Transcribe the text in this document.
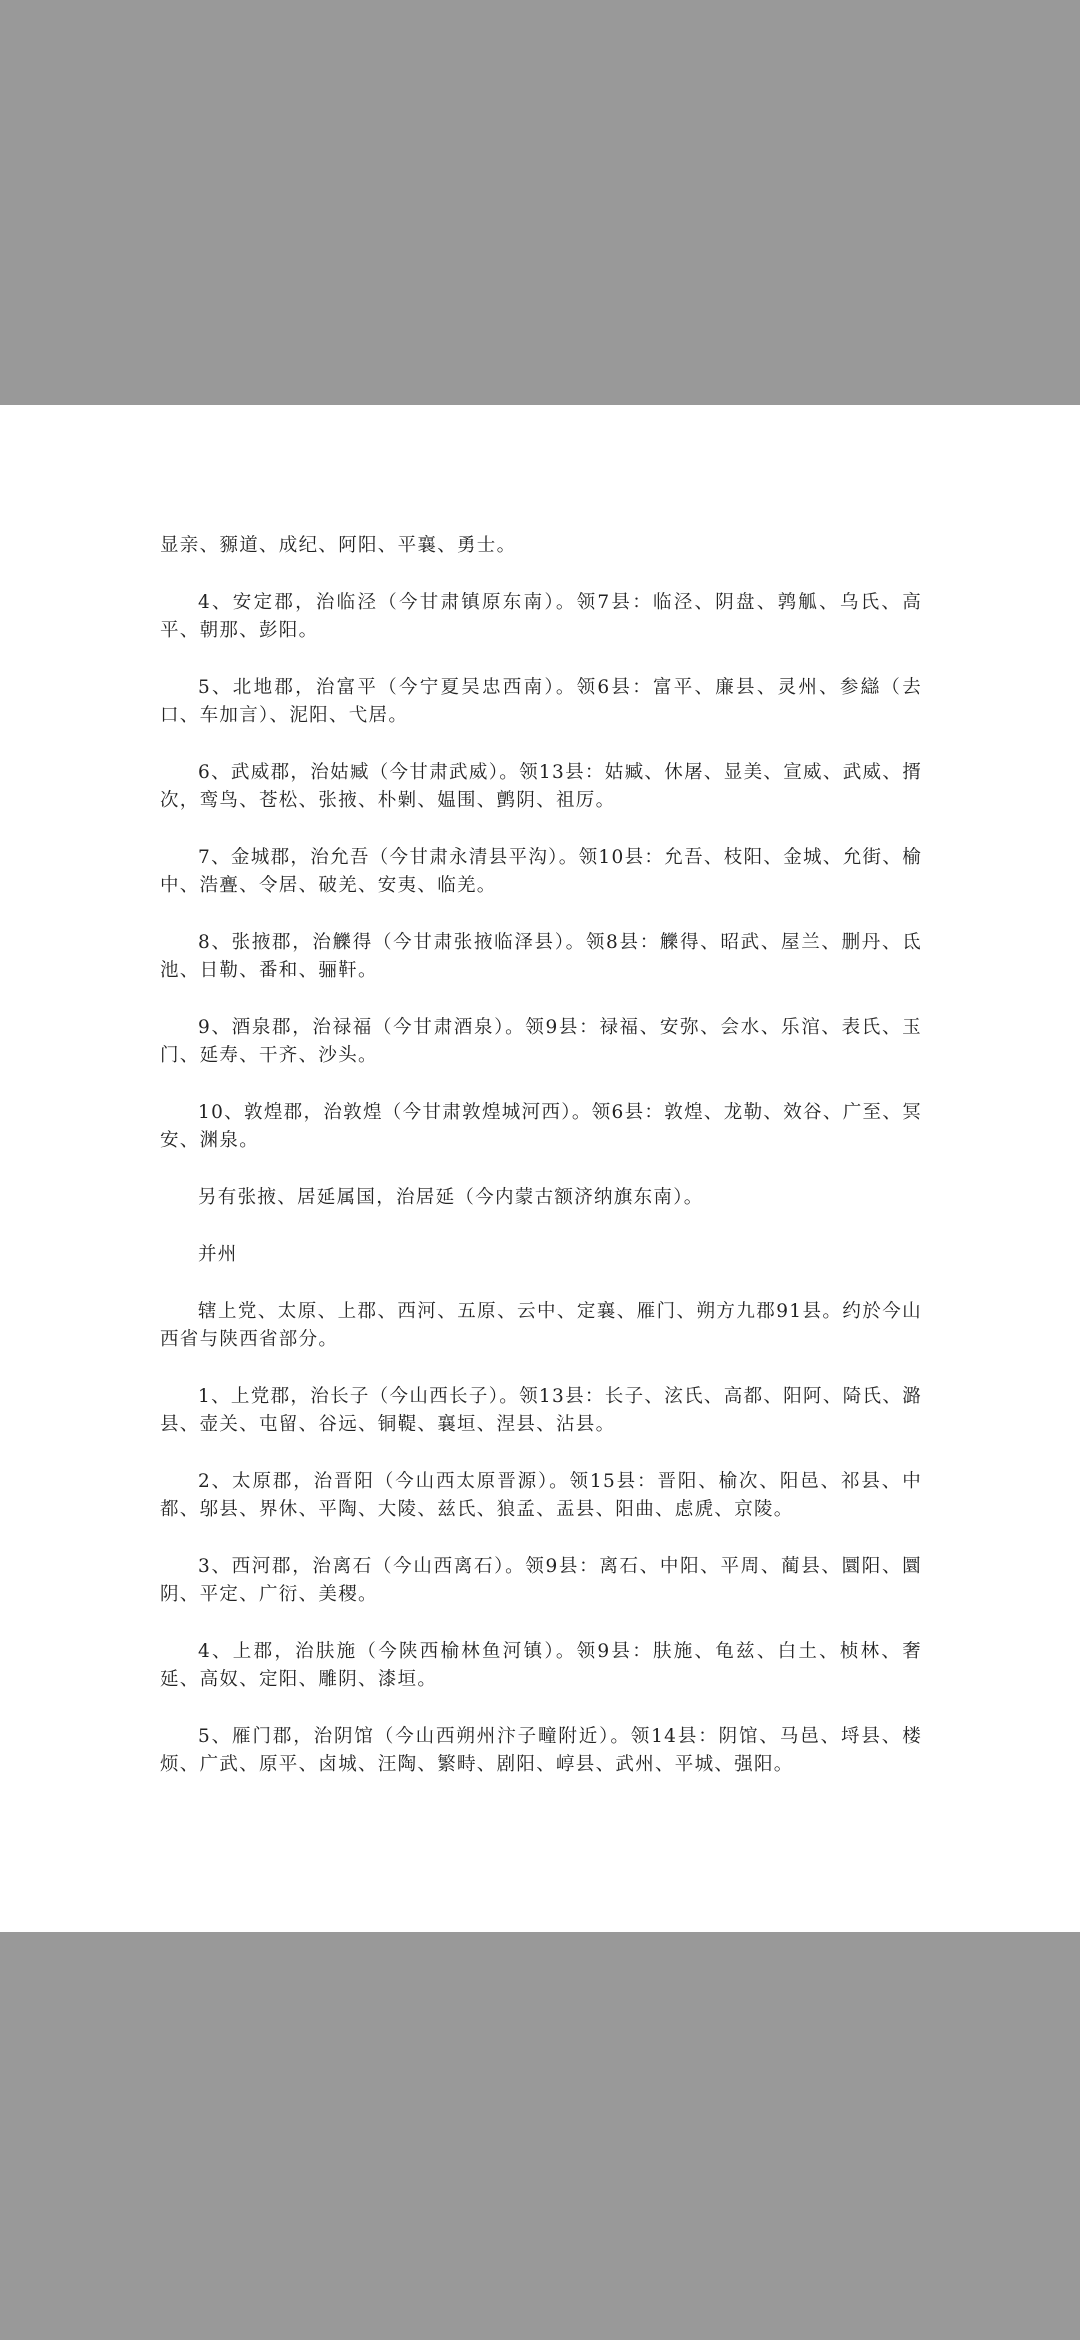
显亲、豲道、成纪、阿阳、平襄、勇士。

4、安定郡，治临泾（今甘肃镇原东南）。领7县：临泾、阴盘、鹑觚、乌氏、高平、朝那、彭阳。

5、北地郡，治富平（今宁夏吴忠西南）。领6县：富平、廉县、灵州、参䜌（去口、车加言）、泥阳、弋居。

6、武威郡，治姑臧（今甘肃武威）。领13县：姑臧、休屠、显美、宣威、武威、揟次，鸾鸟、苍松、张掖、朴劋、媪围、鹯阴、祖厉。

7、金城郡，治允吾（今甘肃永清县平沟）。领10县：允吾、枝阳、金城、允街、榆中、浩亹、令居、破羌、安夷、临羌。

8、张掖郡，治觻得（今甘肃张掖临泽县）。领8县：觻得、昭武、屋兰、删丹、氐池、日勒、番和、骊靬。

9、酒泉郡，治禄福（今甘肃酒泉）。领9县：禄福、安弥、会水、乐涫、表氏、玉门、延寿、干齐、沙头。

10、敦煌郡，治敦煌（今甘肃敦煌城河西）。领6县：敦煌、龙勒、效谷、广至、冥安、渊泉。

另有张掖、居延属国，治居延（今内蒙古额济纳旗东南）。

并州

辖上党、太原、上郡、西河、五原、云中、定襄、雁门、朔方九郡91县。约於今山西省与陕西省部分。

1、上党郡，治长子（今山西长子）。领13县：长子、泫氏、高都、阳阿、陭氏、潞县、壶关、屯留、谷远、铜鞮、襄垣、涅县、沾县。

2、太原郡，治晋阳（今山西太原晋源）。领15县：晋阳、榆次、阳邑、祁县、中都、邬县、界休、平陶、大陵、兹氏、狼孟、盂县、阳曲、虑虒、京陵。

3、西河郡，治离石（今山西离石）。领9县：离石、中阳、平周、蔺县、圜阳、圜阴、平定、广衍、美稷。

4、上郡，治肤施（今陕西榆林鱼河镇）。领9县：肤施、龟兹、白土、桢林、奢延、高奴、定阳、雕阴、漆垣。

5、雁门郡，治阴馆（今山西朔州汴子疃附近）。领14县：阴馆、马邑、埒县、楼烦、广武、原平、卤城、汪陶、繁畤、剧阳、崞县、武州、平城、强阳。
